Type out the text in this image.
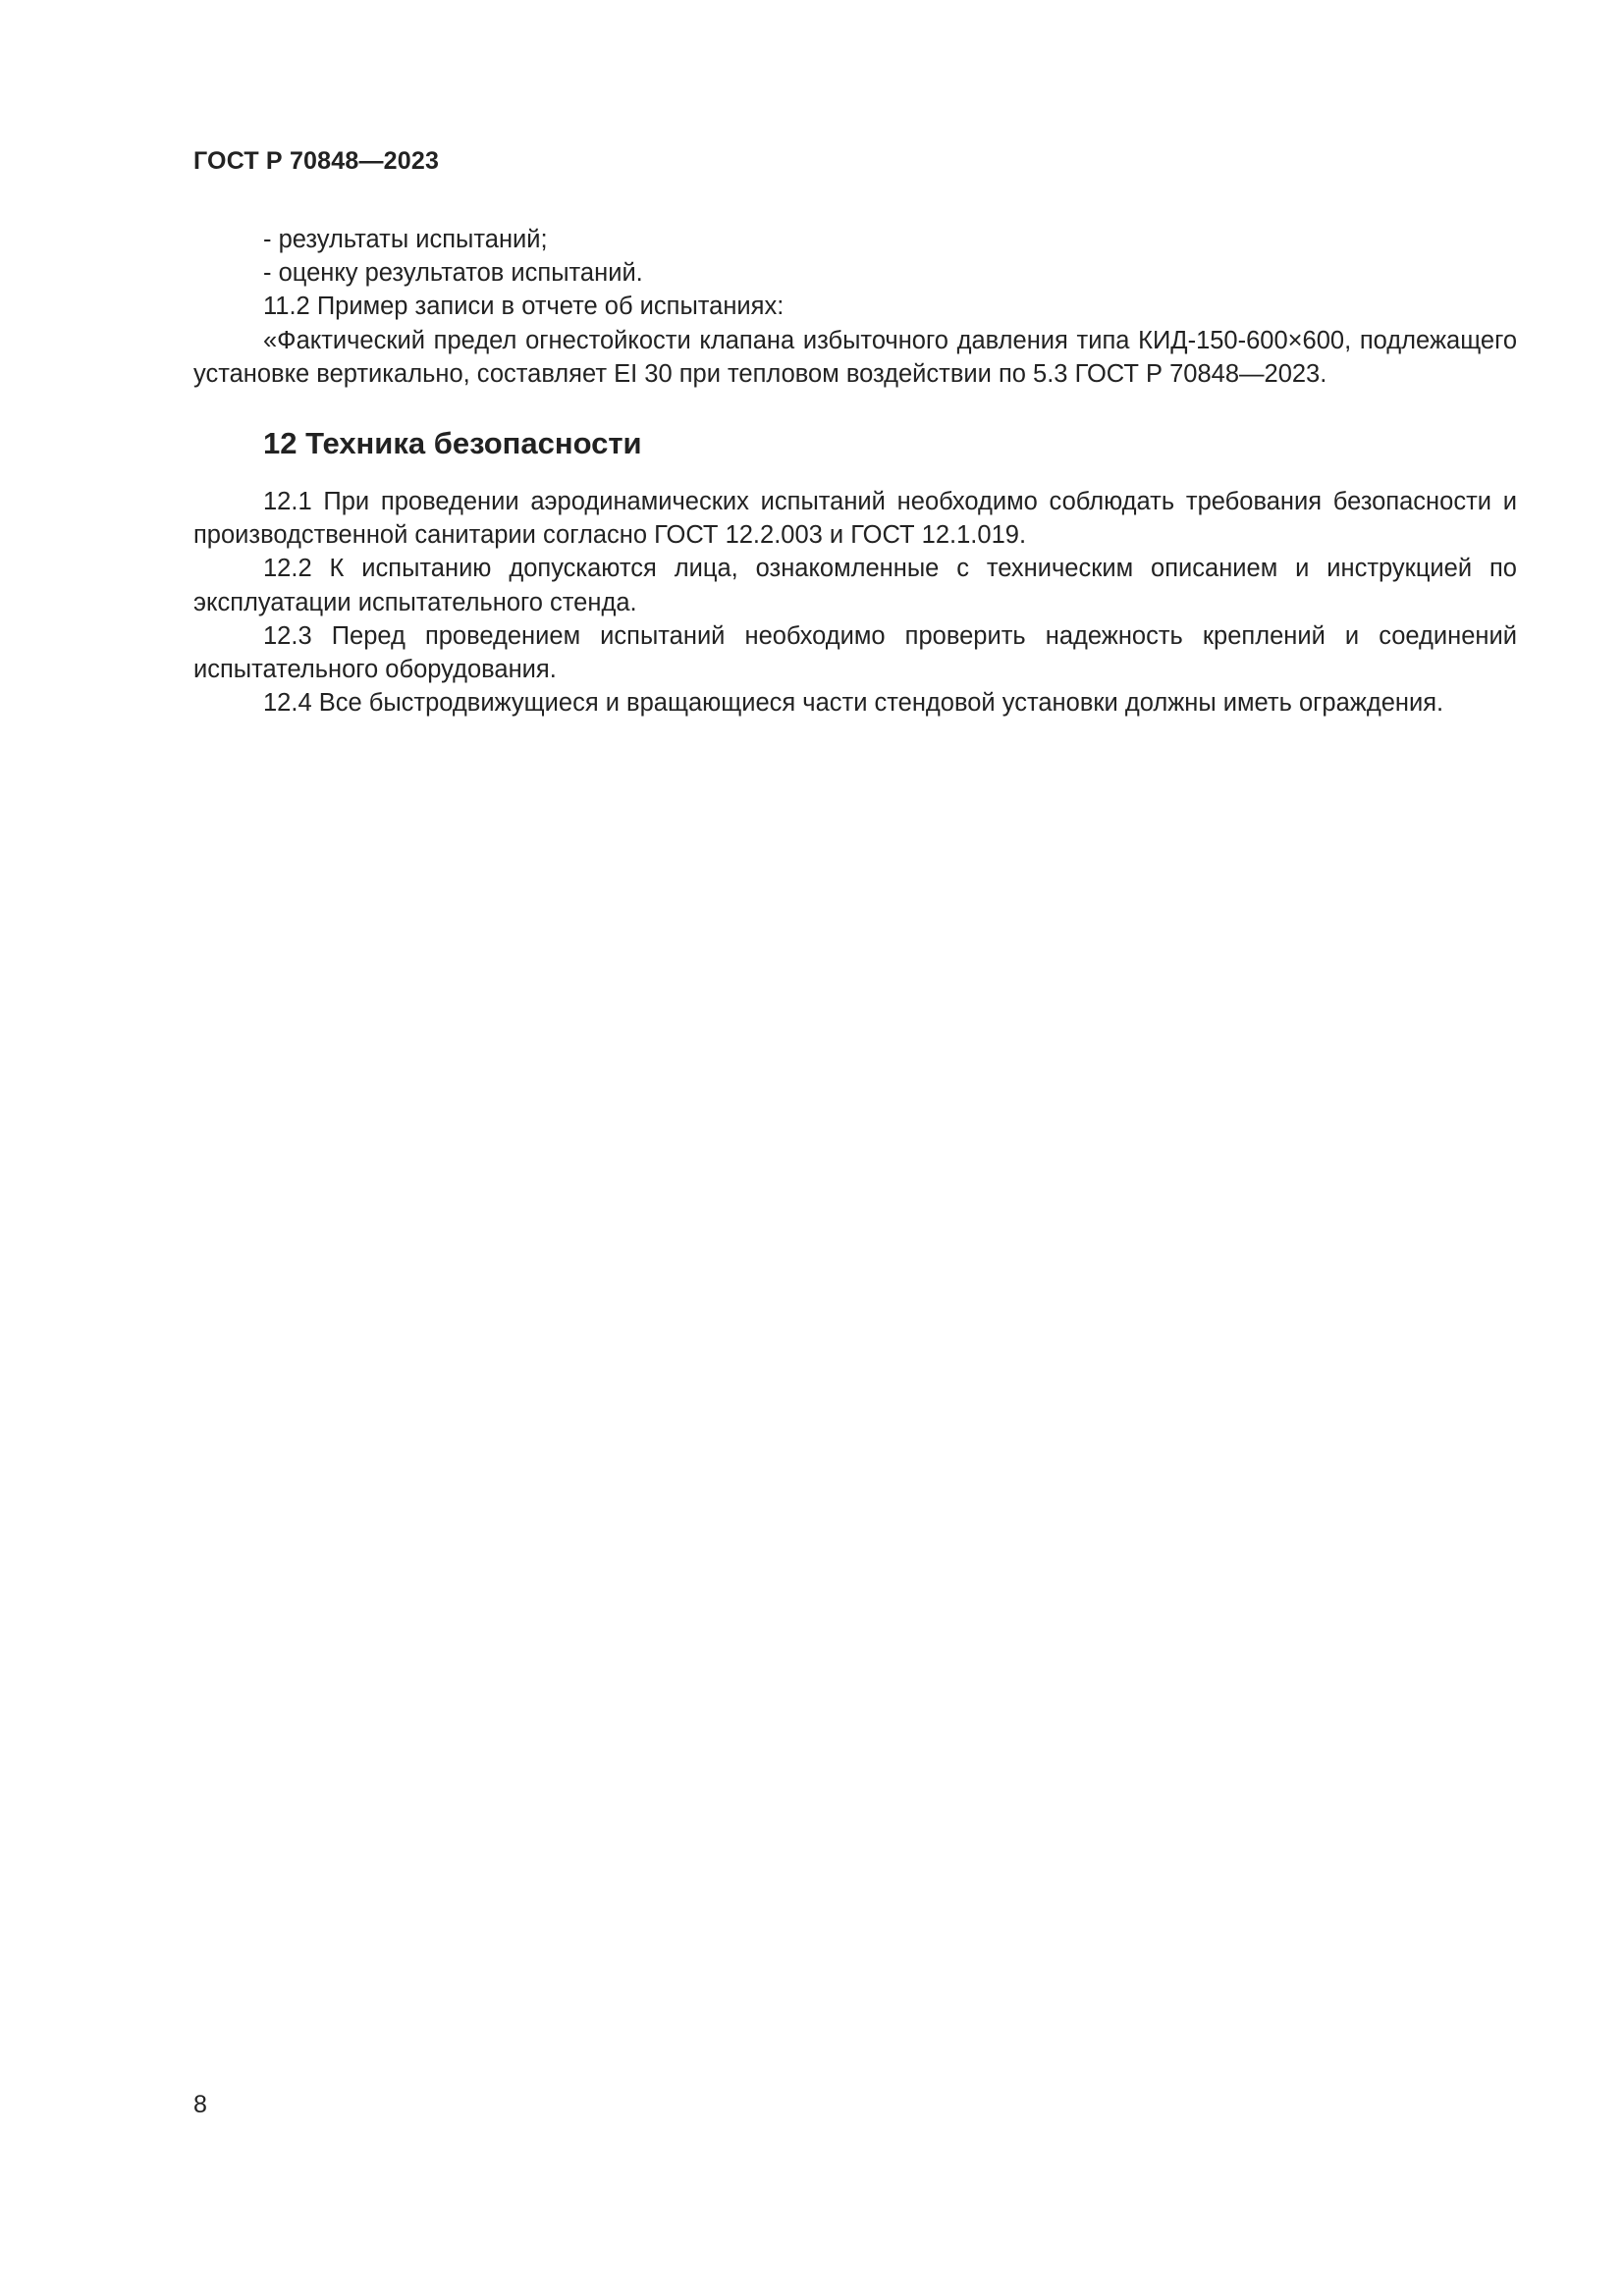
ГОСТ Р 70848—2023

- результаты испытаний;

- оценку результатов испытаний.

11.2 Пример записи в отчете об испытаниях:

«Фактический предел огнестойкости клапана избыточного давления типа КИД-150-600×600, подлежащего установке вертикально, составляет EI 30 при тепловом воздействии по 5.3 ГОСТ Р 70848—2023.

12 Техника безопасности

12.1 При проведении аэродинамических испытаний необходимо соблюдать требования безопасности и производственной санитарии согласно ГОСТ 12.2.003 и ГОСТ 12.1.019.

12.2 К испытанию допускаются лица, ознакомленные с техническим описанием и инструкцией по эксплуатации испытательного стенда.

12.3 Перед проведением испытаний необходимо проверить надежность креплений и соединений испытательного оборудования.

12.4 Все быстродвижущиеся и вращающиеся части стендовой установки должны иметь ограждения.

8
